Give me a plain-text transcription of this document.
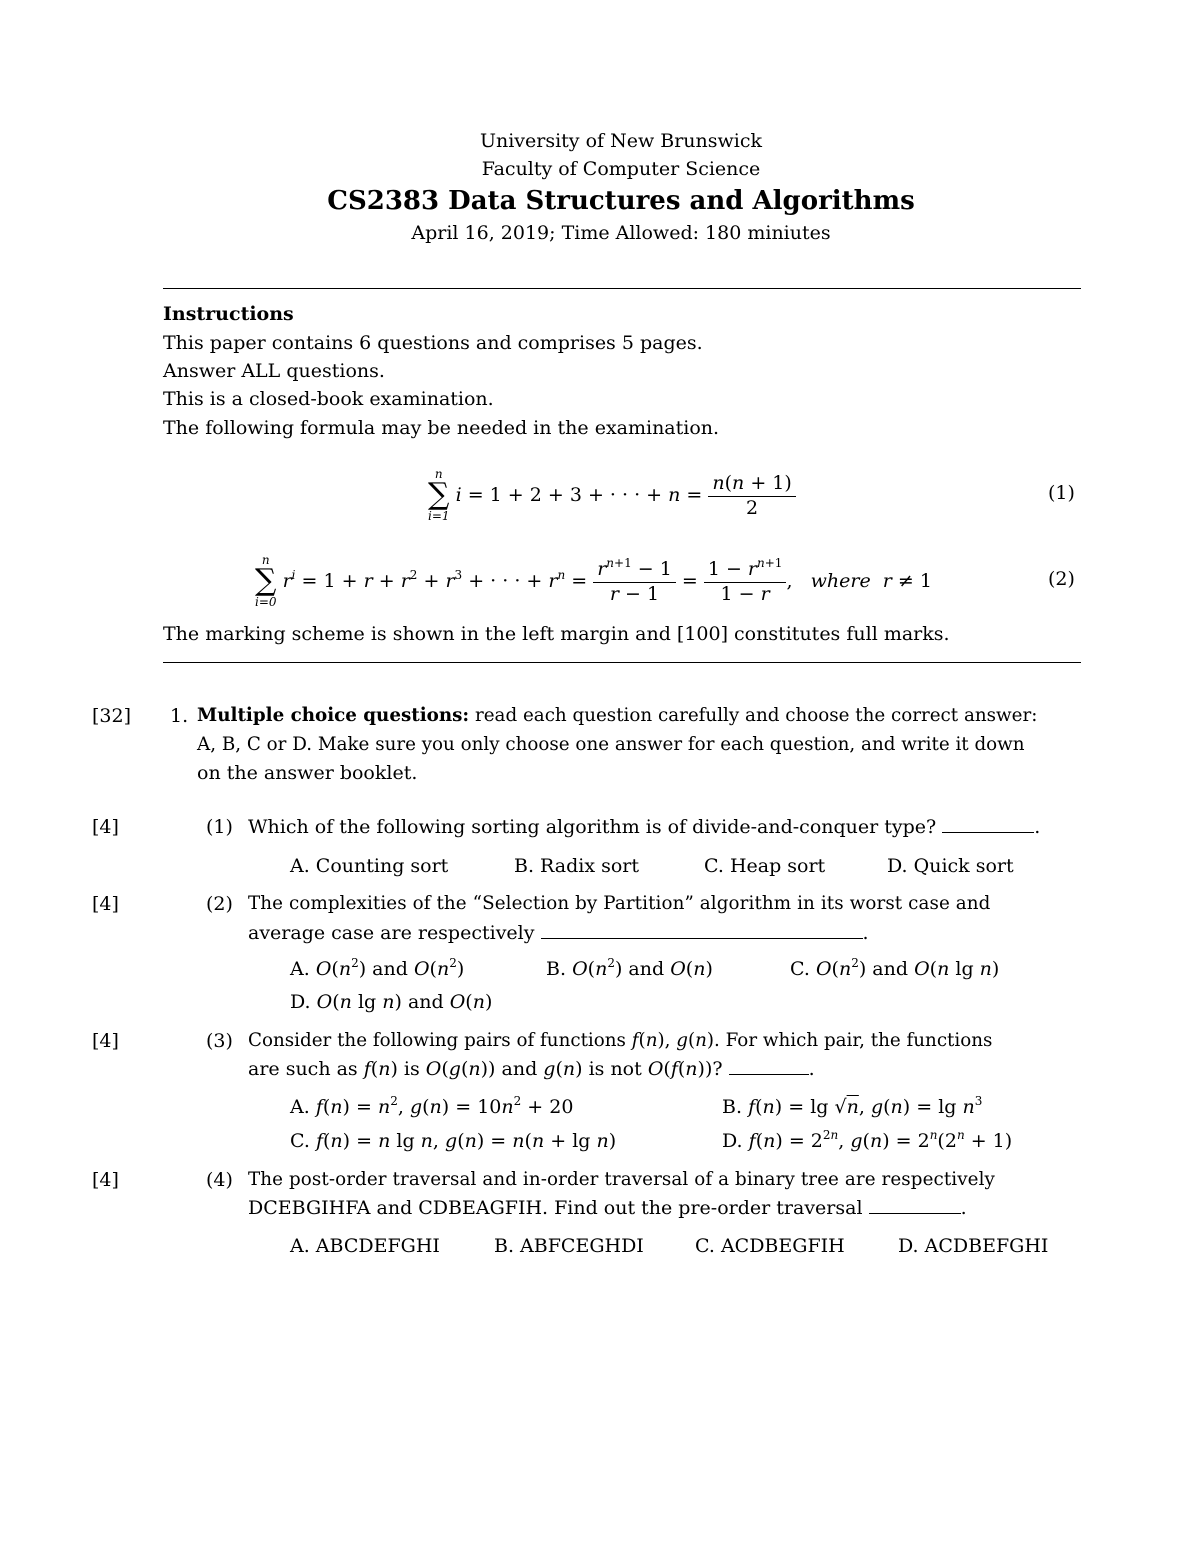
University of New Brunswick
Faculty of Computer Science
CS2383 Data Structures and Algorithms
April 16, 2019; Time Allowed: 180 miniutes
Instructions
This paper contains 6 questions and comprises 5 pages.
Answer ALL questions.
This is a closed-book examination.
The following formula may be needed in the examination.
n
∑
i=1
i = 1 + 2 + 3 + · · · + $n = \frac{n(n + 1)}{2}$	(1)
n
∑
i=0
$r^i = 1 + r + r^2 + r^3$ + · · · + $r^n = \frac{r^{n+1} - 1}{r - 1} = \frac{1 - r^{n+1}}{1 - r}$ ,   where r ≠ 1	(2)
The marking scheme is shown in the left margin and [100] constitutes full marks.
[32] 1. Multiple choice questions: read each question carefully and choose the correct answer:
A, B, C or D. Make sure you only choose one answer for each question, and write it down
on the answer booklet.
[4]	(1) Which of the following sorting algorithm is of divide-and-conquer type?	.
A. Counting sort	B. Radix sort	C. Heap sort	D. Quick sort
[4]	(2) The complexities of the “Selection by Partition” algorithm in its worst case and
average case are respectively	.
A. $O(n^2)$ and $O(n^2)$	B. $O(n^2)$ and O(n)	C. $O(n^2)$ and O(n lg n)
D. O(n lg n) and O(n)
[4]	(3) Consider the following pairs of functions f(n), g(n). For which pair, the functions
are such as f(n) is O(g(n)) and g(n) is not O(f(n))?	.
A. $f(n) = n^2$, $g(n) = 10n^2 + 20$	B. f(n) = lg √n, $g(n) = \lg n^3$
C. f(n) = n lg n, g(n) = n(n + lg n)	D. $f(n) = 2^{2n}$, $g(n) = 2^n(2^n + 1)$
[4]	(4) The post-order traversal and in-order traversal of a binary tree are respectively
DCEBGIHFA and CDBEAGFIH. Find out the pre-order traversal	.
A. ABCDEFGHI	B. ABFCEGHDI	C. ACDBEGFIH	D. ACDBEFGHI
